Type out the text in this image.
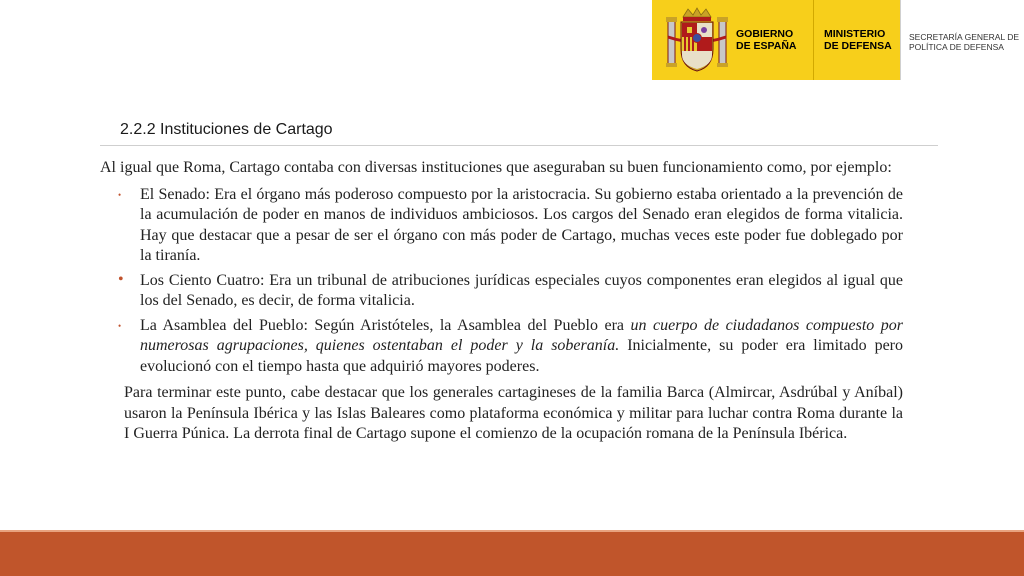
GOBIERNO
DE ESPAÑA
MINISTERIO
DE DEFENSA
SECRETARÍA GENERAL DE
POLÍTICA DE DEFENSA
2.2.2 Instituciones de Cartago

Al igual que Roma, Cartago contaba con diversas instituciones que aseguraban su buen funcionamiento como, por ejemplo:

• El Senado: Era el órgano más poderoso compuesto por la aristocracia. Su gobierno estaba orientado a la prevención de la acumulación de poder en manos de individuos ambiciosos. Los cargos del Senado eran elegidos de forma vitalicia. Hay que destacar que a pesar de ser el órgano con más poder de Cartago, muchas veces este poder fue doblegado por la tiranía.
• Los Ciento Cuatro: Era un tribunal de atribuciones jurídicas especiales cuyos componentes eran elegidos al igual que los del Senado, es decir, de forma vitalicia.
• La Asamblea del Pueblo: Según Aristóteles, la Asamblea del Pueblo era un cuerpo de ciudadanos compuesto por numerosas agrupaciones, quienes ostentaban el poder y la soberanía. Inicialmente, su poder era limitado pero evolucionó con el tiempo hasta que adquirió mayores poderes.

Para terminar este punto, cabe destacar que los generales cartagineses de la familia Barca (Almircar, Asdrúbal y Aníbal) usaron la Península Ibérica y las Islas Baleares como plataforma económica y militar para luchar contra Roma durante la I Guerra Púnica. La derrota final de Cartago supone el comienzo de la ocupación romana de la Península Ibérica.
